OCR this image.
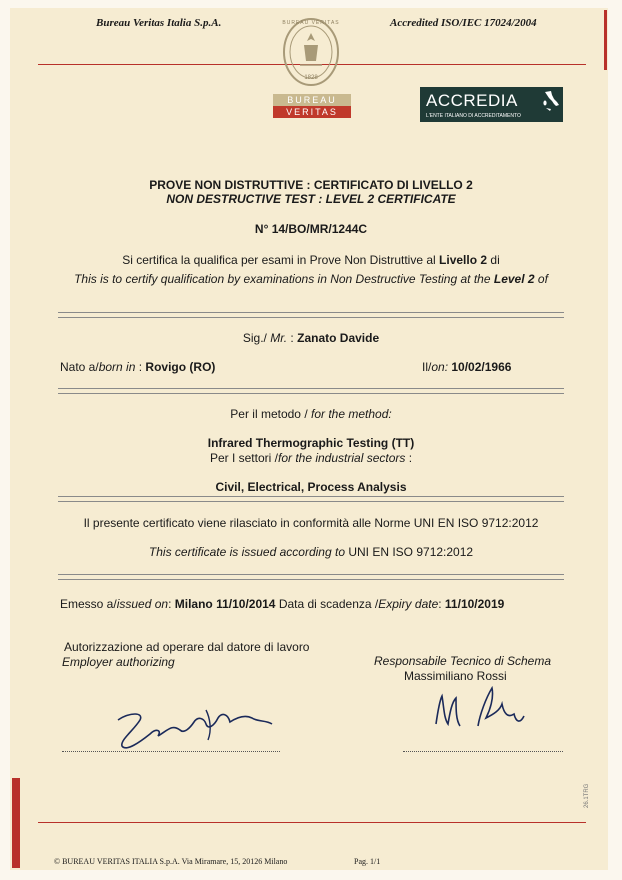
Bureau Veritas Italia S.p.A.	Accredited ISO/IEC 17024/2004
BUREAU VERITAS
1828
BUREAU
VERITAS
ACCREDIA
L'ENTE ITALIANO DI ACCREDITAMENTO
PROVE NON DISTRUTTIVE : CERTIFICATO DI LIVELLO 2
NON DESTRUCTIVE TEST : LEVEL 2 CERTIFICATE
N° 14/BO/MR/1244C
Si certifica la qualifica per esami in Prove Non Distruttive al Livello 2 di
This is to certify qualification by examinations in Non Destructive Testing at the Level 2 of
Sig./ Mr. : Zanato Davide
Nato a/born in : Rovigo (RO)	Il/on: 10/02/1966
Per il metodo / for the method:
Infrared Thermographic Testing (TT)
Per I settori /for the industrial sectors :
Civil, Electrical, Process Analysis
Il presente certificato viene rilasciato in conformità alle Norme UNI EN ISO 9712:2012
This certificate is issued according to UNI EN ISO 9712:2012
Emesso a/issued on: Milano 11/10/2014 Data di scadenza /Expiry date: 11/10/2019
Autorizzazione ad operare dal datore di lavoro
Employer authorizing	Responsabile Tecnico di Schema
Massimiliano Rossi
© BUREAU VERITAS ITALIA S.p.A. Via Miramare, 15, 20126 Milano	Pag. 1/1
26.1TRG
